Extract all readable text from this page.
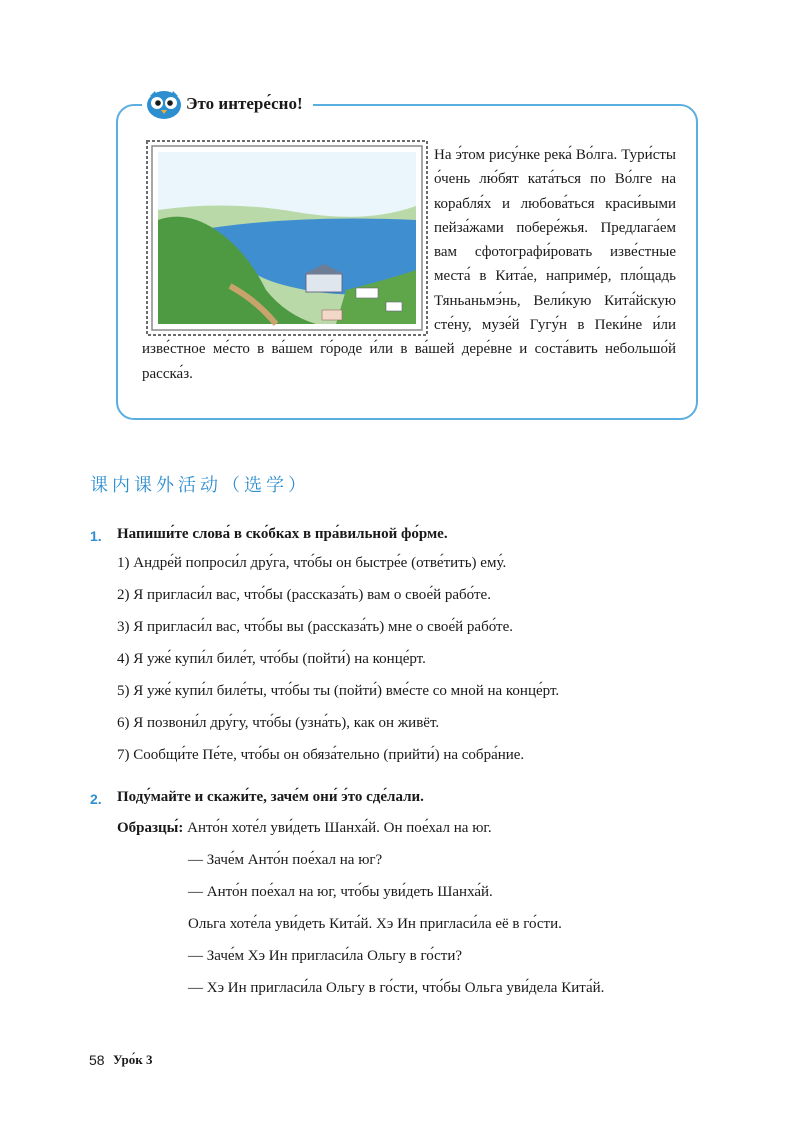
Это интере́сно!
На э́том рису́нке река́ Во́лга. Тури́сты о́чень лю́бят ката́ться по Во́лге на корабля́х и любова́ться краси́выми пейза́жами побере́жья. Предлага́ем вам сфотографи́ровать изве́стные места́ в Кита́е, наприме́р, пло́щадь Тяньаньмэ́нь, Вели́кую Кита́йскую сте́ну, музе́й Гугу́н в Пеки́не и́ли изве́стное ме́сто в ва́шем го́роде и́ли в ва́шей дере́вне и соста́вить небольшо́й расска́з.
课内课外活动（选学）
1. Напиши́те слова́ в ско́бках в пра́вильной фо́рме.
1) Андре́й попроси́л дру́га, что́бы он быстре́е (отве́тить) ему́.
2) Я пригласи́л вас, что́бы (рассказа́ть) вам о свое́й рабо́те.
3) Я пригласи́л вас, что́бы вы (рассказа́ть) мне о свое́й рабо́те.
4) Я уже́ купи́л биле́т, что́бы (пойти́) на конце́рт.
5) Я уже́ купи́л биле́ты, что́бы ты (пойти́) вме́сте со мной на конце́рт.
6) Я позвони́л дру́гу, что́бы (узна́ть), как он живёт.
7) Сообщи́те Пе́те, что́бы он обяза́тельно (прийти́) на собра́ние.
2. Поду́майте и скажи́те, заче́м они́ э́то сде́лали.
Образцы́: Анто́н хоте́л уви́деть Шанха́й. Он пое́хал на юг.
— Заче́м Анто́н пое́хал на юг?
— Анто́н пое́хал на юг, что́бы уви́деть Шанха́й.
Ольга хоте́ла уви́деть Кита́й. Хэ Ин пригласи́ла её в го́сти.
— Заче́м Хэ Ин пригласи́ла Ольгу в го́сти?
— Хэ Ин пригласи́ла Ольгу в го́сти, что́бы Ольга уви́дела Кита́й.
58 Уро́к 3
